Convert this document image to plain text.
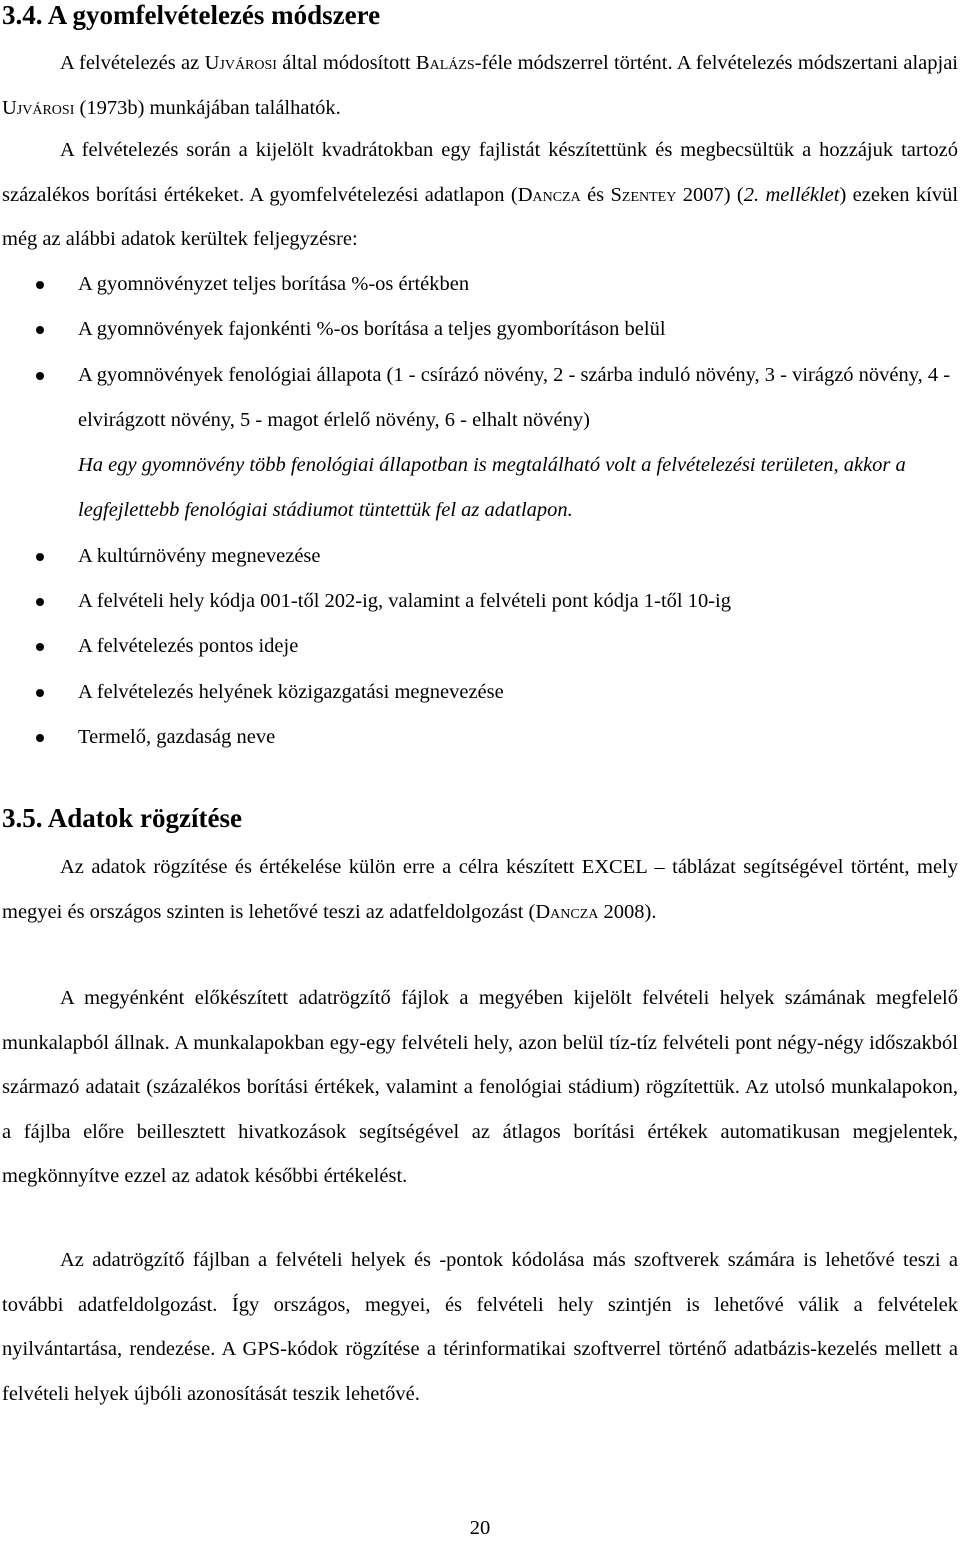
3.4. A gyomfelvételezés módszere

A felvételezés az Ujvárosi által módosított Balázs-féle módszerrel történt. A felvételezés módszertani alapjai Ujvárosi (1973b) munkájában találhatók.

A felvételezés során a kijelölt kvadrátokban egy fajlistát készítettünk és megbecsültük a hozzájuk tartozó százalékos borítási értékeket. A gyomfelvételezési adatlapon (Dancza és Szentey 2007) (2. melléklet) ezeken kívül még az alábbi adatok kerültek feljegyzésre:

A gyomnövényzet teljes borítása %-os értékben
A gyomnövények fajonkénti %-os borítása a teljes gyomborításon belül
A gyomnövények fenológiai állapota (1 - csírázó növény, 2 - szárba induló növény, 3 - virágzó növény, 4 - elvirágzott növény, 5 - magot érlelő növény, 6 - elhalt növény)
Ha egy gyomnövény több fenológiai állapotban is megtalálható volt a felvételezési területen, akkor a legfejlettebb fenológiai stádiumot tüntettük fel az adatlapon.
A kultúrnövény megnevezése
A felvételi hely kódja 001-től 202-ig, valamint a felvételi pont kódja 1-től 10-ig
A felvételezés pontos ideje
A felvételezés helyének közigazgatási megnevezése
Termelő, gazdaság neve
3.5. Adatok rögzítése

Az adatok rögzítése és értékelése külön erre a célra készített EXCEL – táblázat segítségével történt, mely megyei és országos szinten is lehetővé teszi az adatfeldolgozást (Dancza 2008).

A megyénként előkészített adatrögzítő fájlok a megyében kijelölt felvételi helyek számának megfelelő munkalapból állnak. A munkalapokban egy-egy felvételi hely, azon belül tíz-tíz felvételi pont négy-négy időszakból származó adatait (százalékos borítási értékek, valamint a fenológiai stádium) rögzítettük. Az utolsó munkalapokon, a fájlba előre beillesztett hivatkozások segítségével az átlagos borítási értékek automatikusan megjelentek, megkönnyítve ezzel az adatok későbbi értékelést.

Az adatrögzítő fájlban a felvételi helyek és -pontok kódolása más szoftverek számára is lehetővé teszi a további adatfeldolgozást. Így országos, megyei, és felvételi hely szintjén is lehetővé válik a felvételek nyilvántartása, rendezése. A GPS-kódok rögzítése a térinformatikai szoftverrel történő adatbázis-kezelés mellett a felvételi helyek újbóli azonosítását teszik lehetővé.

20
